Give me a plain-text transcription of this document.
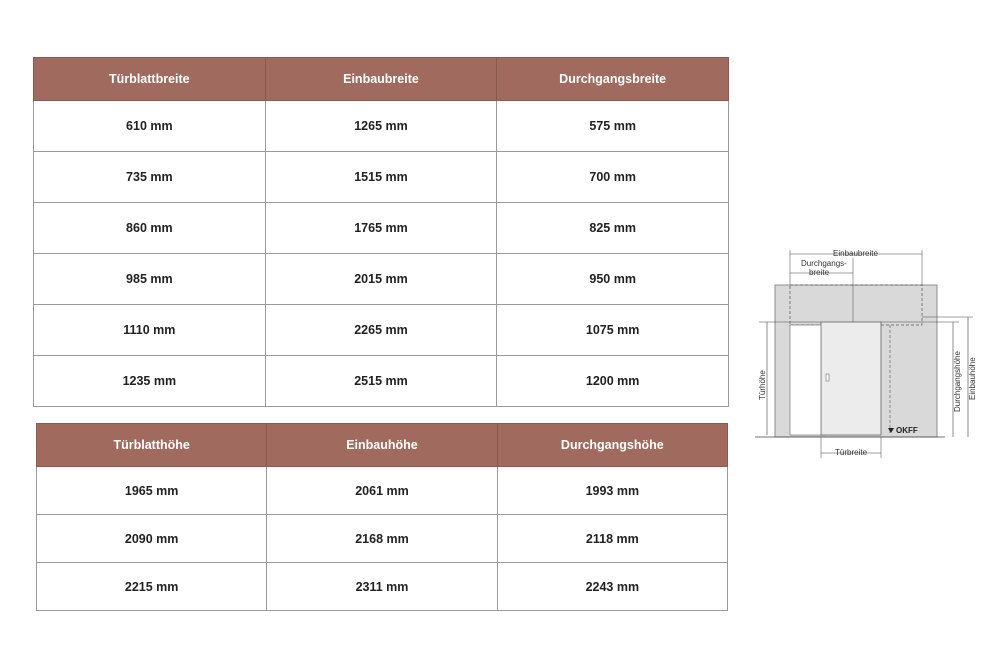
Türblattbreite	Einbaubreite	Durchgangsbreite
610 mm	1265 mm	575 mm
735 mm	1515 mm	700 mm
860 mm	1765 mm	825 mm
985 mm	2015 mm	950 mm
1110 mm	2265 mm	1075 mm
1235 mm	2515 mm	1200 mm
Türblatthöhe	Einbauhöhe	Durchgangshöhe
1965 mm	2061 mm	1993 mm
2090 mm	2168 mm	2118 mm
2215 mm	2311 mm	2243 mm
Einbaubreite
Durchgangs-
breite
Türhöhe	Durchgangshöhe Einbauhöhe
OKFF
Türbreite
